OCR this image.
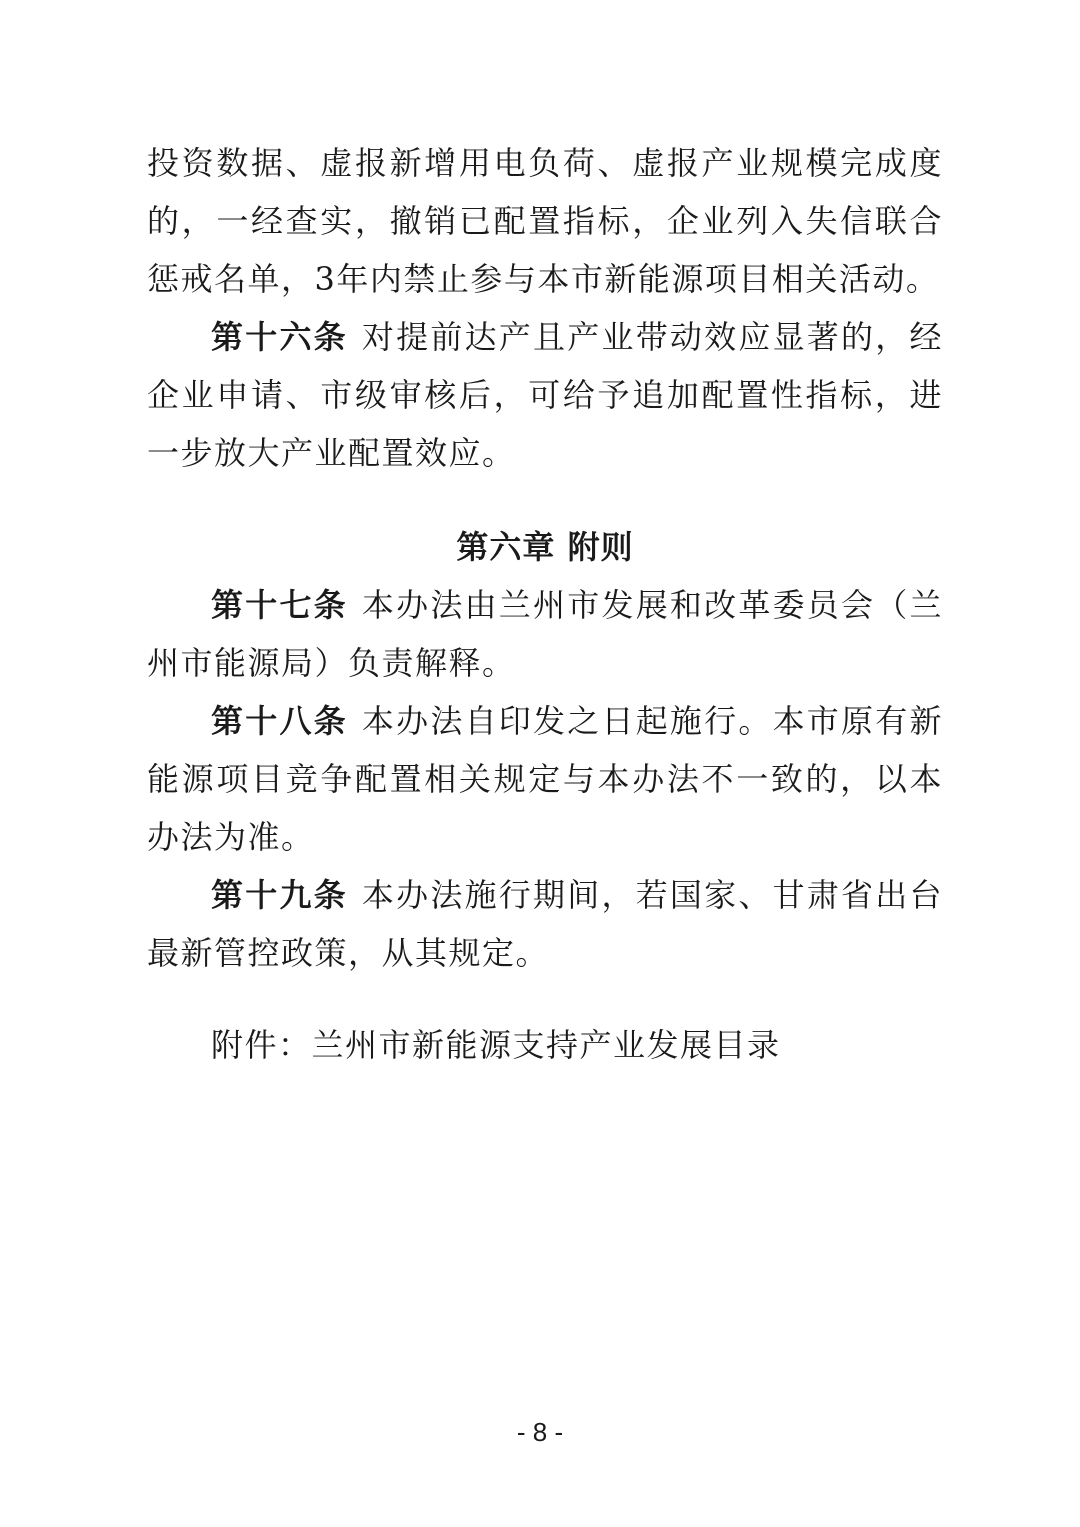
投资数据、虚报新增用电负荷、虚报产业规模完成度的，一经查实，撤销已配置指标，企业列入失信联合惩戒名单，3年内禁止参与本市新能源项目相关活动。

第十六条 对提前达产且产业带动效应显著的，经企业申请、市级审核后，可给予追加配置性指标，进一步放大产业配置效应。

第六章 附则

第十七条 本办法由兰州市发展和改革委员会（兰州市能源局）负责解释。

第十八条 本办法自印发之日起施行。本市原有新能源项目竞争配置相关规定与本办法不一致的，以本办法为准。

第十九条 本办法施行期间，若国家、甘肃省出台最新管控政策，从其规定。

附件：兰州市新能源支持产业发展目录
- 8 -
